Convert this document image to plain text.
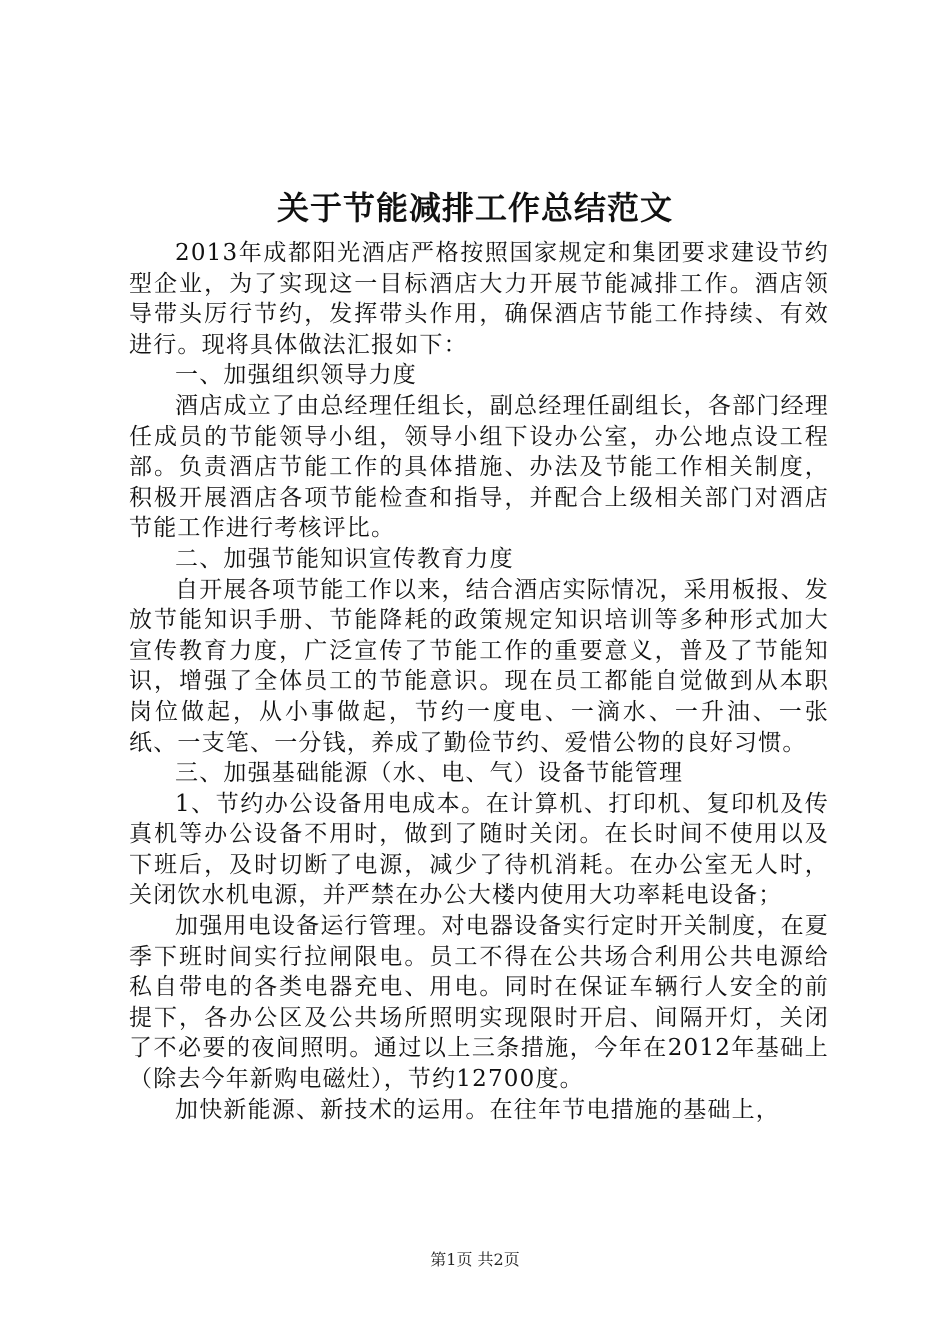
关于节能减排工作总结范文

2013年成都阳光酒店严格按照国家规定和集团要求建设节约型企业，为了实现这一目标酒店大力开展节能减排工作。酒店领导带头厉行节约，发挥带头作用，确保酒店节能工作持续、有效进行。现将具体做法汇报如下：

一、加强组织领导力度

酒店成立了由总经理任组长，副总经理任副组长，各部门经理任成员的节能领导小组，领导小组下设办公室，办公地点设工程部。负责酒店节能工作的具体措施、办法及节能工作相关制度，积极开展酒店各项节能检查和指导，并配合上级相关部门对酒店节能工作进行考核评比。

二、加强节能知识宣传教育力度

自开展各项节能工作以来，结合酒店实际情况，采用板报、发放节能知识手册、节能降耗的政策规定知识培训等多种形式加大宣传教育力度，广泛宣传了节能工作的重要意义，普及了节能知识，增强了全体员工的节能意识。现在员工都能自觉做到从本职岗位做起，从小事做起，节约一度电、一滴水、一升油、一张纸、一支笔、一分钱，养成了勤俭节约、爱惜公物的良好习惯。

三、加强基础能源（水、电、气）设备节能管理

1、节约办公设备用电成本。在计算机、打印机、复印机及传真机等办公设备不用时，做到了随时关闭。在长时间不使用以及下班后，及时切断了电源，减少了待机消耗。在办公室无人时，关闭饮水机电源，并严禁在办公大楼内使用大功率耗电设备；

加强用电设备运行管理。对电器设备实行定时开关制度，在夏季下班时间实行拉闸限电。员工不得在公共场合利用公共电源给私自带电的各类电器充电、用电。同时在保证车辆行人安全的前提下，各办公区及公共场所照明实现限时开启、间隔开灯，关闭了不必要的夜间照明。通过以上三条措施，今年在2012年基础上（除去今年新购电磁灶），节约12700度。

加快新能源、新技术的运用。在往年节电措施的基础上，

第1页 共2页
